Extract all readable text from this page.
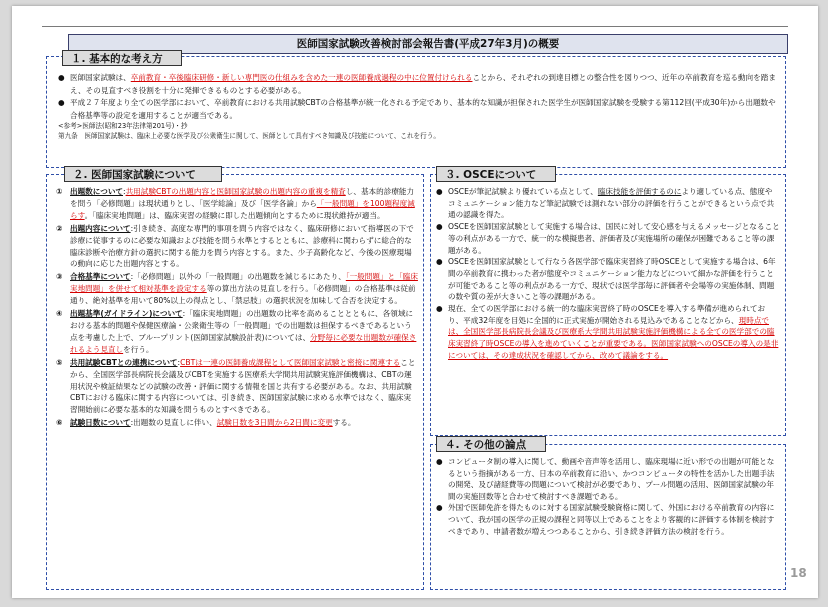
医師国家試験改善検討部会報告書(平成27年3月)の概要
１. 基本的な考え方
● 医師国家試験は、卒前教育・卒後臨床研修・新しい専門医の仕組みを含めた一連の医師養成過程の中に位置付けられることから、それぞれの到達目標との整合性を図りつつ、近年の卒前教育を巡る動向を踏まえ、その見直すべき役割を十分に発揮できるものとする必要がある。
● 平成２７年度より全ての医学部において、卒前教育における共用試験CBTの合格基準が統一化される予定であり、基本的な知識が担保された医学生が医師国家試験を受験する第112回(平成30年)から出題数や合格基準等の設定を適用することが適当である。
<参考>医師法(昭和23年法律第201号)・抄
第九条　医師国家試験は、臨床上必要な医学及び公衆衛生に関して、医師として具有すべき知識及び技能について、これを行う。
２. 医師国家試験について
① 出題数について:共用試験CBTの出題内容と医師国家試験の出題内容の重複を精査し、基本的診療能力を問う「必修問題」は現状通りとし、「医学総論」及び「医学各論」から「一般問題」を100題程度減らす。「臨床実地問題」は、臨床実習の経験に即した出題傾向とするために現状維持が適当。
② 出題内容について:引き続き、高度な専門的事項を問う内容ではなく、臨床研修において指導医の下で診療に従事するのに必要な知識および技能を問う水準とするとともに、診療科に関わらずに総合的な臨床診断や治療方針の選択に関する能力を問う内容とする。また、少子高齢化など、今後の医療現場の動向に応じた出題内容とする。
③ 合格基準について:「必修問題」以外の「一般問題」の出題数を減じるにあたり、「一般問題」と「臨床実地問題」を併せて相対基準を設定する等の算出方法の見直しを行う。「必修問題」の合格基準は従前通り、絶対基準を用いて80%以上の得点とし、「禁忌肢」の選択状況を加味して合否を決定する。
④ 出題基準(ガイドライン)について:「臨床実地問題」の出題数の比率を高めることとともに、各領域における基本的問題や保健医療論・公衆衛生等の「一般問題」での出題数は担保するべきであるという点を考慮した上で、ブループリント(医師国家試験設計表)については、分野毎に必要な出題数が確保されるよう見直しを行う。
⑤ 共用試験CBTとの連携について:CBTは一連の医師養成課程として医師国家試験と密接に関連することから、全国医学部長病院長会議及びCBTを実施する医療系大学間共用試験実施評価機構は、CBTの運用状況や検証結果などの試験の改善・評価に関する情報を国と共有する必要がある。なお、共用試験CBTにおける臨床に関する内容については、引き続き、医師国家試験に求める水準ではなく、臨床実習開始前に必要な基本的な知識を問うものとすべきである。
⑥ 試験日数について:出題数の見直しに伴い、試験日数を3日間から2日間に変更する。
３. OSCEについて
● OSCEが筆記試験より優れている点として、臨床技能を評価するのにより適している点、態度やコミュニケーション能力など筆記試験では測れない部分の評価を行うことができるという点で共通の認識を得た。
● OSCEを医師国家試験として実施する場合は、国民に対して安心感を与えるメッセージとなること等の利点がある一方で、統一的な模擬患者、評価者及び実施場所の確保が困難であること等の課題がある。
● OSCEを医師国家試験として行なう各医学部で臨床実習終了時OSCEとして実施する場合は、6年間の卒前教育に携わった者が態度やコミュニケーション能力などについて細かな評価を行うことが可能であること等の利点がある一方で、現状では医学部毎に評価者や会場等の実施体制、問題の数や質の差が大きいこと等の課題がある。
● 現在、全ての医学部における統一的な臨床実習終了時のOSCEを導入する準備が進められており、平成32年度を目処に全国的に正式実施が開始される見込みであることなどから、現時点では、全国医学部長病院長会議及び医療系大学間共用試験実施評価機構による全ての医学部での臨床実習終了時OSCEの導入を進めていくことが重要である。医師国家試験へのOSCEの導入の是非については、その達成状況を確認してから、改めて議論をする。
４. その他の論点
● コンピュータ制の導入に関して、動画や音声等を活用し、臨床現場に近い形での出題が可能となるという指摘がある一方、日本の卒前教育に沿い、かつコンピュータの特性を活かした出題手法の開発、及び諸経費等の問題について検討が必要であり、プール問題の活用、医師国家試験の年間の実施回数等と合わせて検討すべき課題である。
● 外国で医師免許を得たものに対する国家試験受験資格に関して、外国における卒前教育の内容について、我が国の医学の正規の課程と同等以上であることをより客観的に評価する体制を検討すべきであり、申請者数が増えつつあることから、引き続き評価方法の検討を行う。
18
